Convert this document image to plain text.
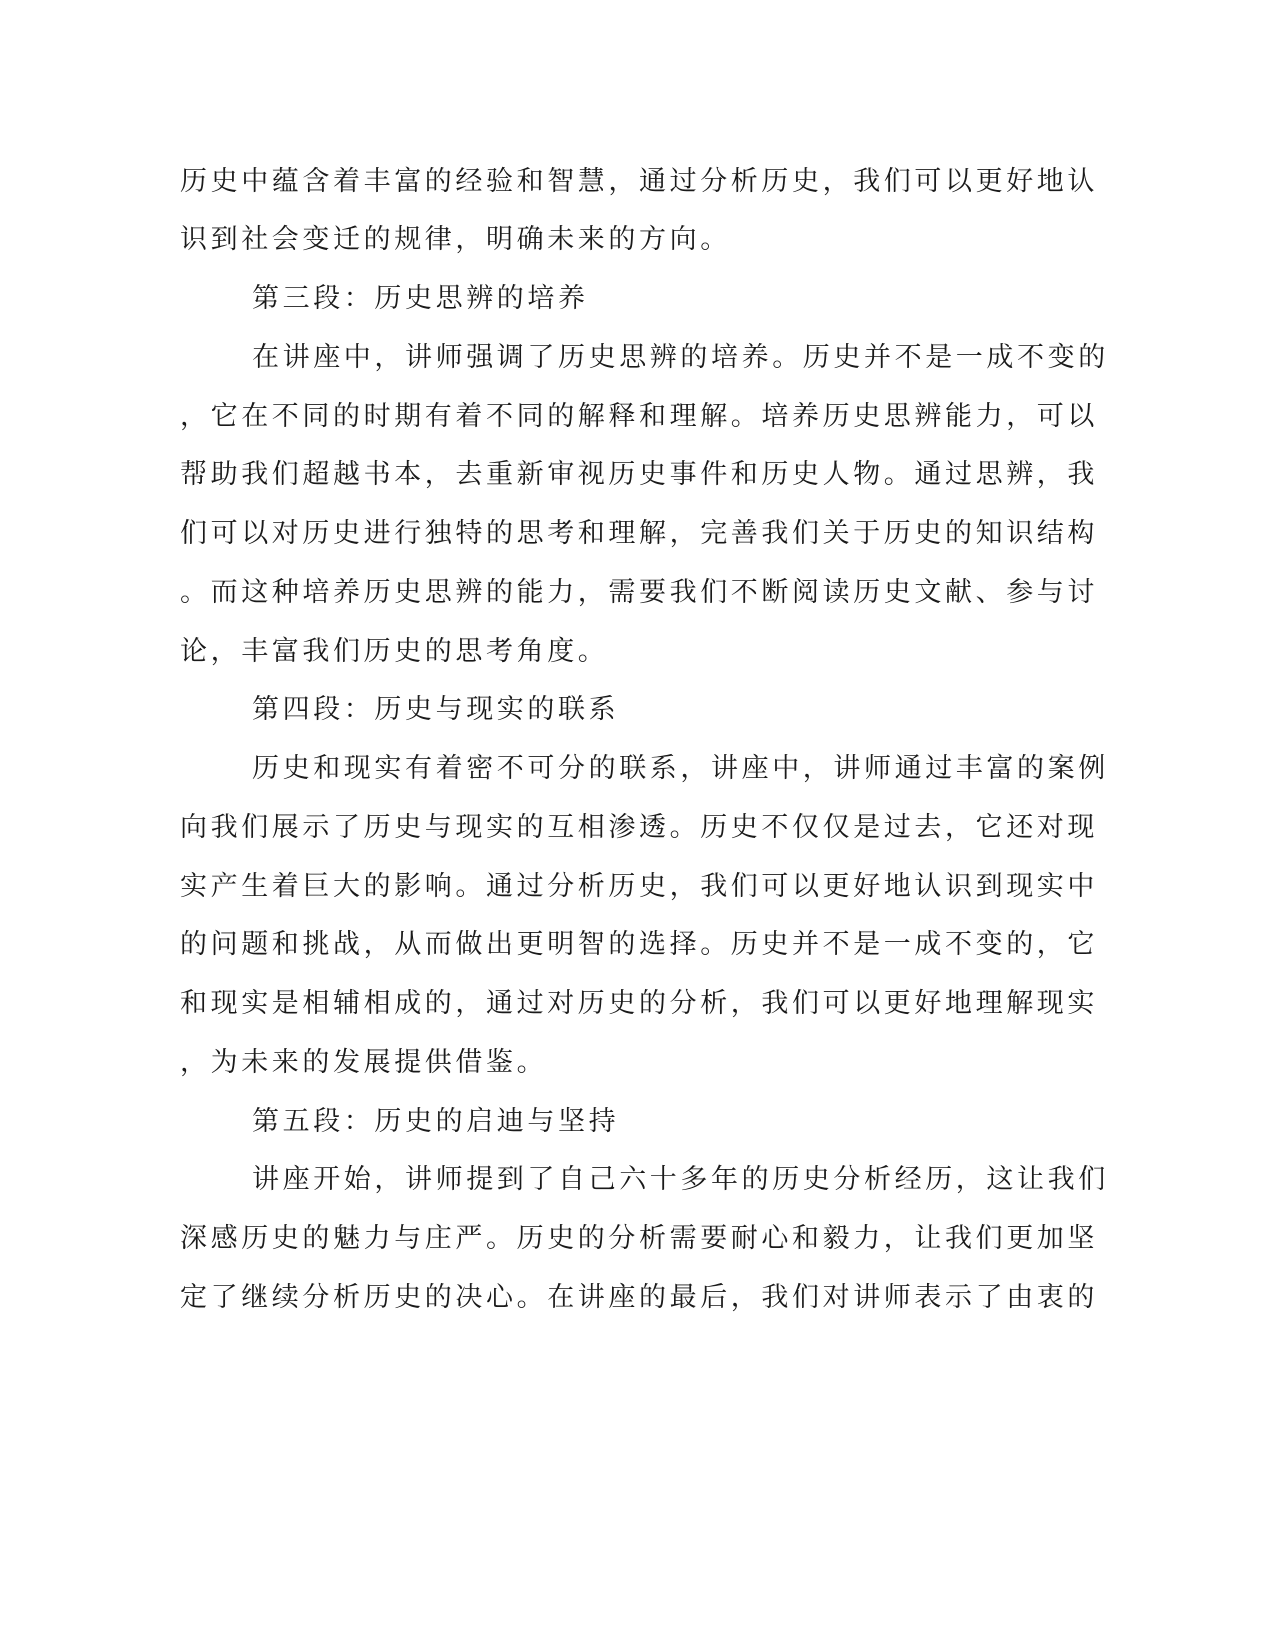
历史中蕴含着丰富的经验和智慧，通过分析历史，我们可以更好地认
识到社会变迁的规律，明确未来的方向。
第三段：历史思辨的培养
在讲座中，讲师强调了历史思辨的培养。历史并不是一成不变的
，它在不同的时期有着不同的解释和理解。培养历史思辨能力，可以
帮助我们超越书本，去重新审视历史事件和历史人物。通过思辨，我
们可以对历史进行独特的思考和理解，完善我们关于历史的知识结构
。而这种培养历史思辨的能力，需要我们不断阅读历史文献、参与讨
论，丰富我们历史的思考角度。
第四段：历史与现实的联系
历史和现实有着密不可分的联系，讲座中，讲师通过丰富的案例
向我们展示了历史与现实的互相渗透。历史不仅仅是过去，它还对现
实产生着巨大的影响。通过分析历史，我们可以更好地认识到现实中
的问题和挑战，从而做出更明智的选择。历史并不是一成不变的，它
和现实是相辅相成的，通过对历史的分析，我们可以更好地理解现实
，为未来的发展提供借鉴。
第五段：历史的启迪与坚持
讲座开始，讲师提到了自己六十多年的历史分析经历，这让我们
深感历史的魅力与庄严。历史的分析需要耐心和毅力，让我们更加坚
定了继续分析历史的决心。在讲座的最后，我们对讲师表示了由衷的
